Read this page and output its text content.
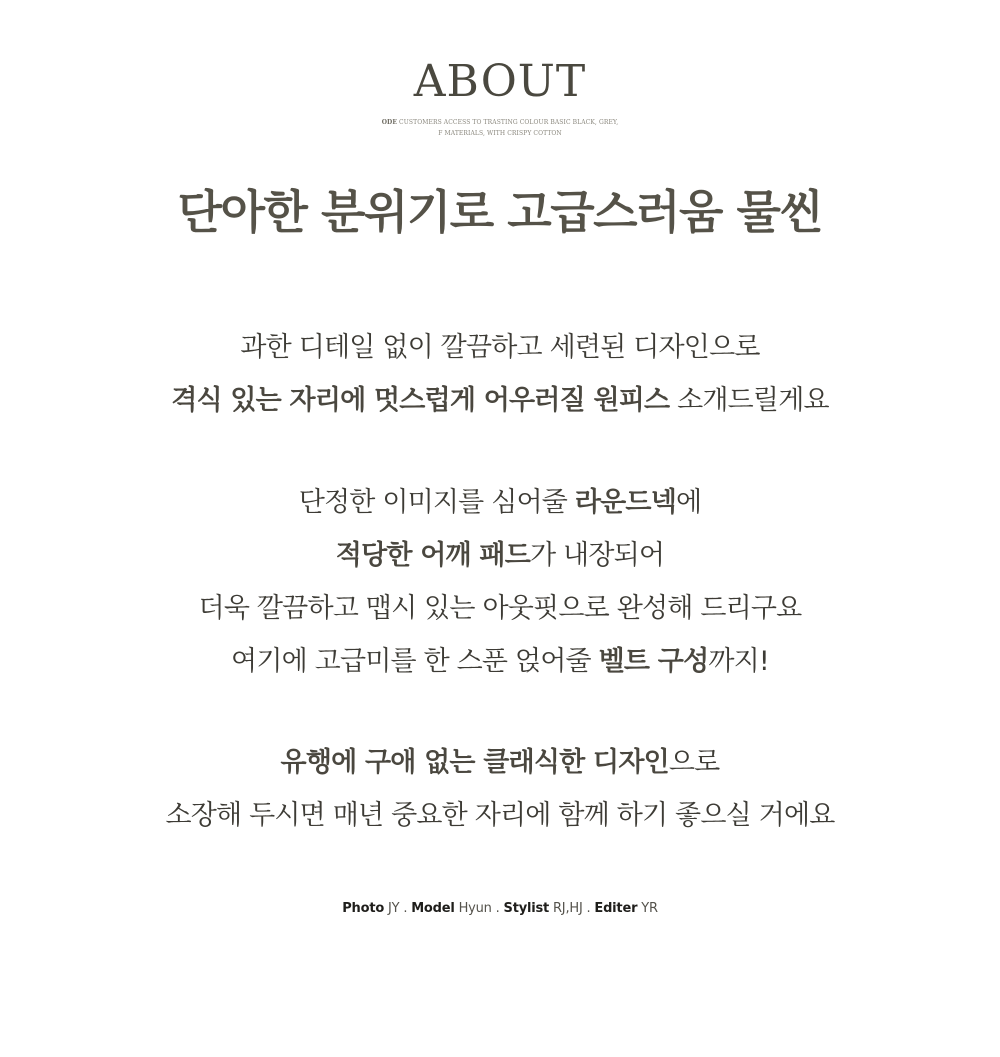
ABOUT
ODE CUSTOMERS ACCESS TO TRASTING COLOUR BASIC BLACK, GREY,
F MATERIALS, WITH CRISPY COTTON
단아한 분위기로 고급스러움 물씬
과한 디테일 없이 깔끔하고 세련된 디자인으로
격식 있는 자리에 멋스럽게 어우러질 원피스 소개드릴게요
단정한 이미지를 심어줄 라운드넥에
적당한 어깨 패드가 내장되어
더욱 깔끔하고 맵시 있는 아웃핏으로 완성해 드리구요
여기에 고급미를 한 스푼 얹어줄 벨트 구성까지!
유행에 구애 없는 클래식한 디자인으로
소장해 두시면 매년 중요한 자리에 함께 하기 좋으실 거에요
Photo JY . Model Hyun . Stylist RJ,HJ . Editer YR
